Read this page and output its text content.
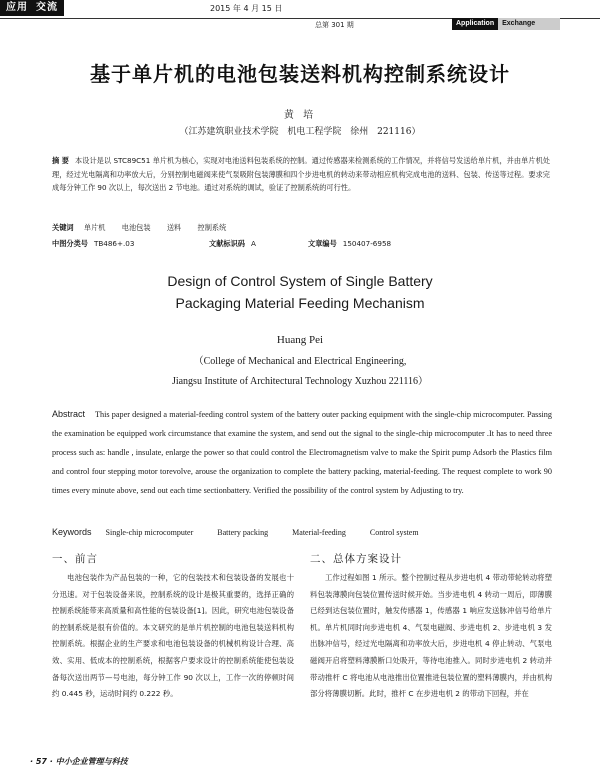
应用 交流	2015 年 4 月 15 日
总第 301 期	Application	Exchange
基于单片机的电池包装送料机构控制系统设计
黄 培
（江苏建筑职业技术学院 机电工程学院 徐州 221116）
摘 要 本设计是以 STC89C51 单片机为核心，实现对电池送料包装系统的控制。通过传感器来检测系统的工作情况，并将信号发送给单片机，并由单片机处理，经过光电隔离和功率放大后，分别控制电磁阀来使气泵吸附包装薄膜和四个步进电机的转动来带动相应机构完成电池的送料、包装、传送等过程。要求完成每分钟工作 90 次以上，每次送出 2 节电池。通过对系统的调试，验证了控制系统的可行性。
关键词 单片机 电池包装 送料 控制系统
中图分类号 TB486+.03	文献标识码 A	文章编号 150407-6958
Design of Control System of Single Battery
Packaging Material Feeding Mechanism
Huang Pei
（College of Mechanical and Electrical Engineering,
Jiangsu Institute of Architectural Technology Xuzhou 221116）
Abstract This paper designed a material-feeding control system of the battery outer packing equipment with the single-chip microcomputer. Passing the examination be equipped work circumstance that examine the system, and send out the signal to the single-chip microcomputer .It has to need three process such as: handle , insulate, enlarge the power so that could control the Electromagnetism valve to make the Spirit pump Adsorb the Plastics film and control four stepping motor torevolve, arouse the organization to complete the battery packing, material-feeding. The request complete to work 90 times every minute above, send out each time sectionbattery. Verified the possibility of the control system by Adjusting to try.
Keywords Single-chip microcomputer	Battery packing	Material-feeding	Control system
一、前言
电池包装作为产品包装的一种，它的包装技术和包装设备的发展也十分迅速。对于包装设备来说，控制系统的设计是极其重要的，选择正确的控制系统能带来高质量和高性能的包装设备[1]。因此，研究电池包装设备的控制系统是很有价值的。本文研究的是单片机控制的电池包装送料机构控制系统。根据企业的生产要求和电池包装设备的机械机构设计合理、高效、实用、低成本的控制系统，根据客户要求设计的控制系统能使包装设备每次送出两节—号电池，每分钟工作 90 次以上，工作一次的停顿时间约 0.445 秒，运动时间约 0.222 秒。
二、总体方案设计
工作过程如图 1 所示。整个控制过程从步进电机 4 带动带轮转动将塑料包装薄膜向包装位置传送时候开始。当步进电机 4 转动一周后，即薄膜已经到达包装位置时，触发传感器 1，传感器 1 响应发送脉冲信号给单片机。单片机同时向步进电机 4、气泵电磁阀、步进电机 2、步进电机 3 发出脉冲信号，经过光电隔离和功率放大后，步进电机 4 停止转动、气泵电磁阀开启将塑料薄膜断口处吸开，等待电池推入。同时步进电机 2 转动并带动推杆 C 将电池从电池推出位置推进包装位置的塑料薄膜内，并由机构部分将薄膜切断。此时，推杆 C 在步进电机 2 的带动下回程，并在
· 57 · 中小企业管理与科技
